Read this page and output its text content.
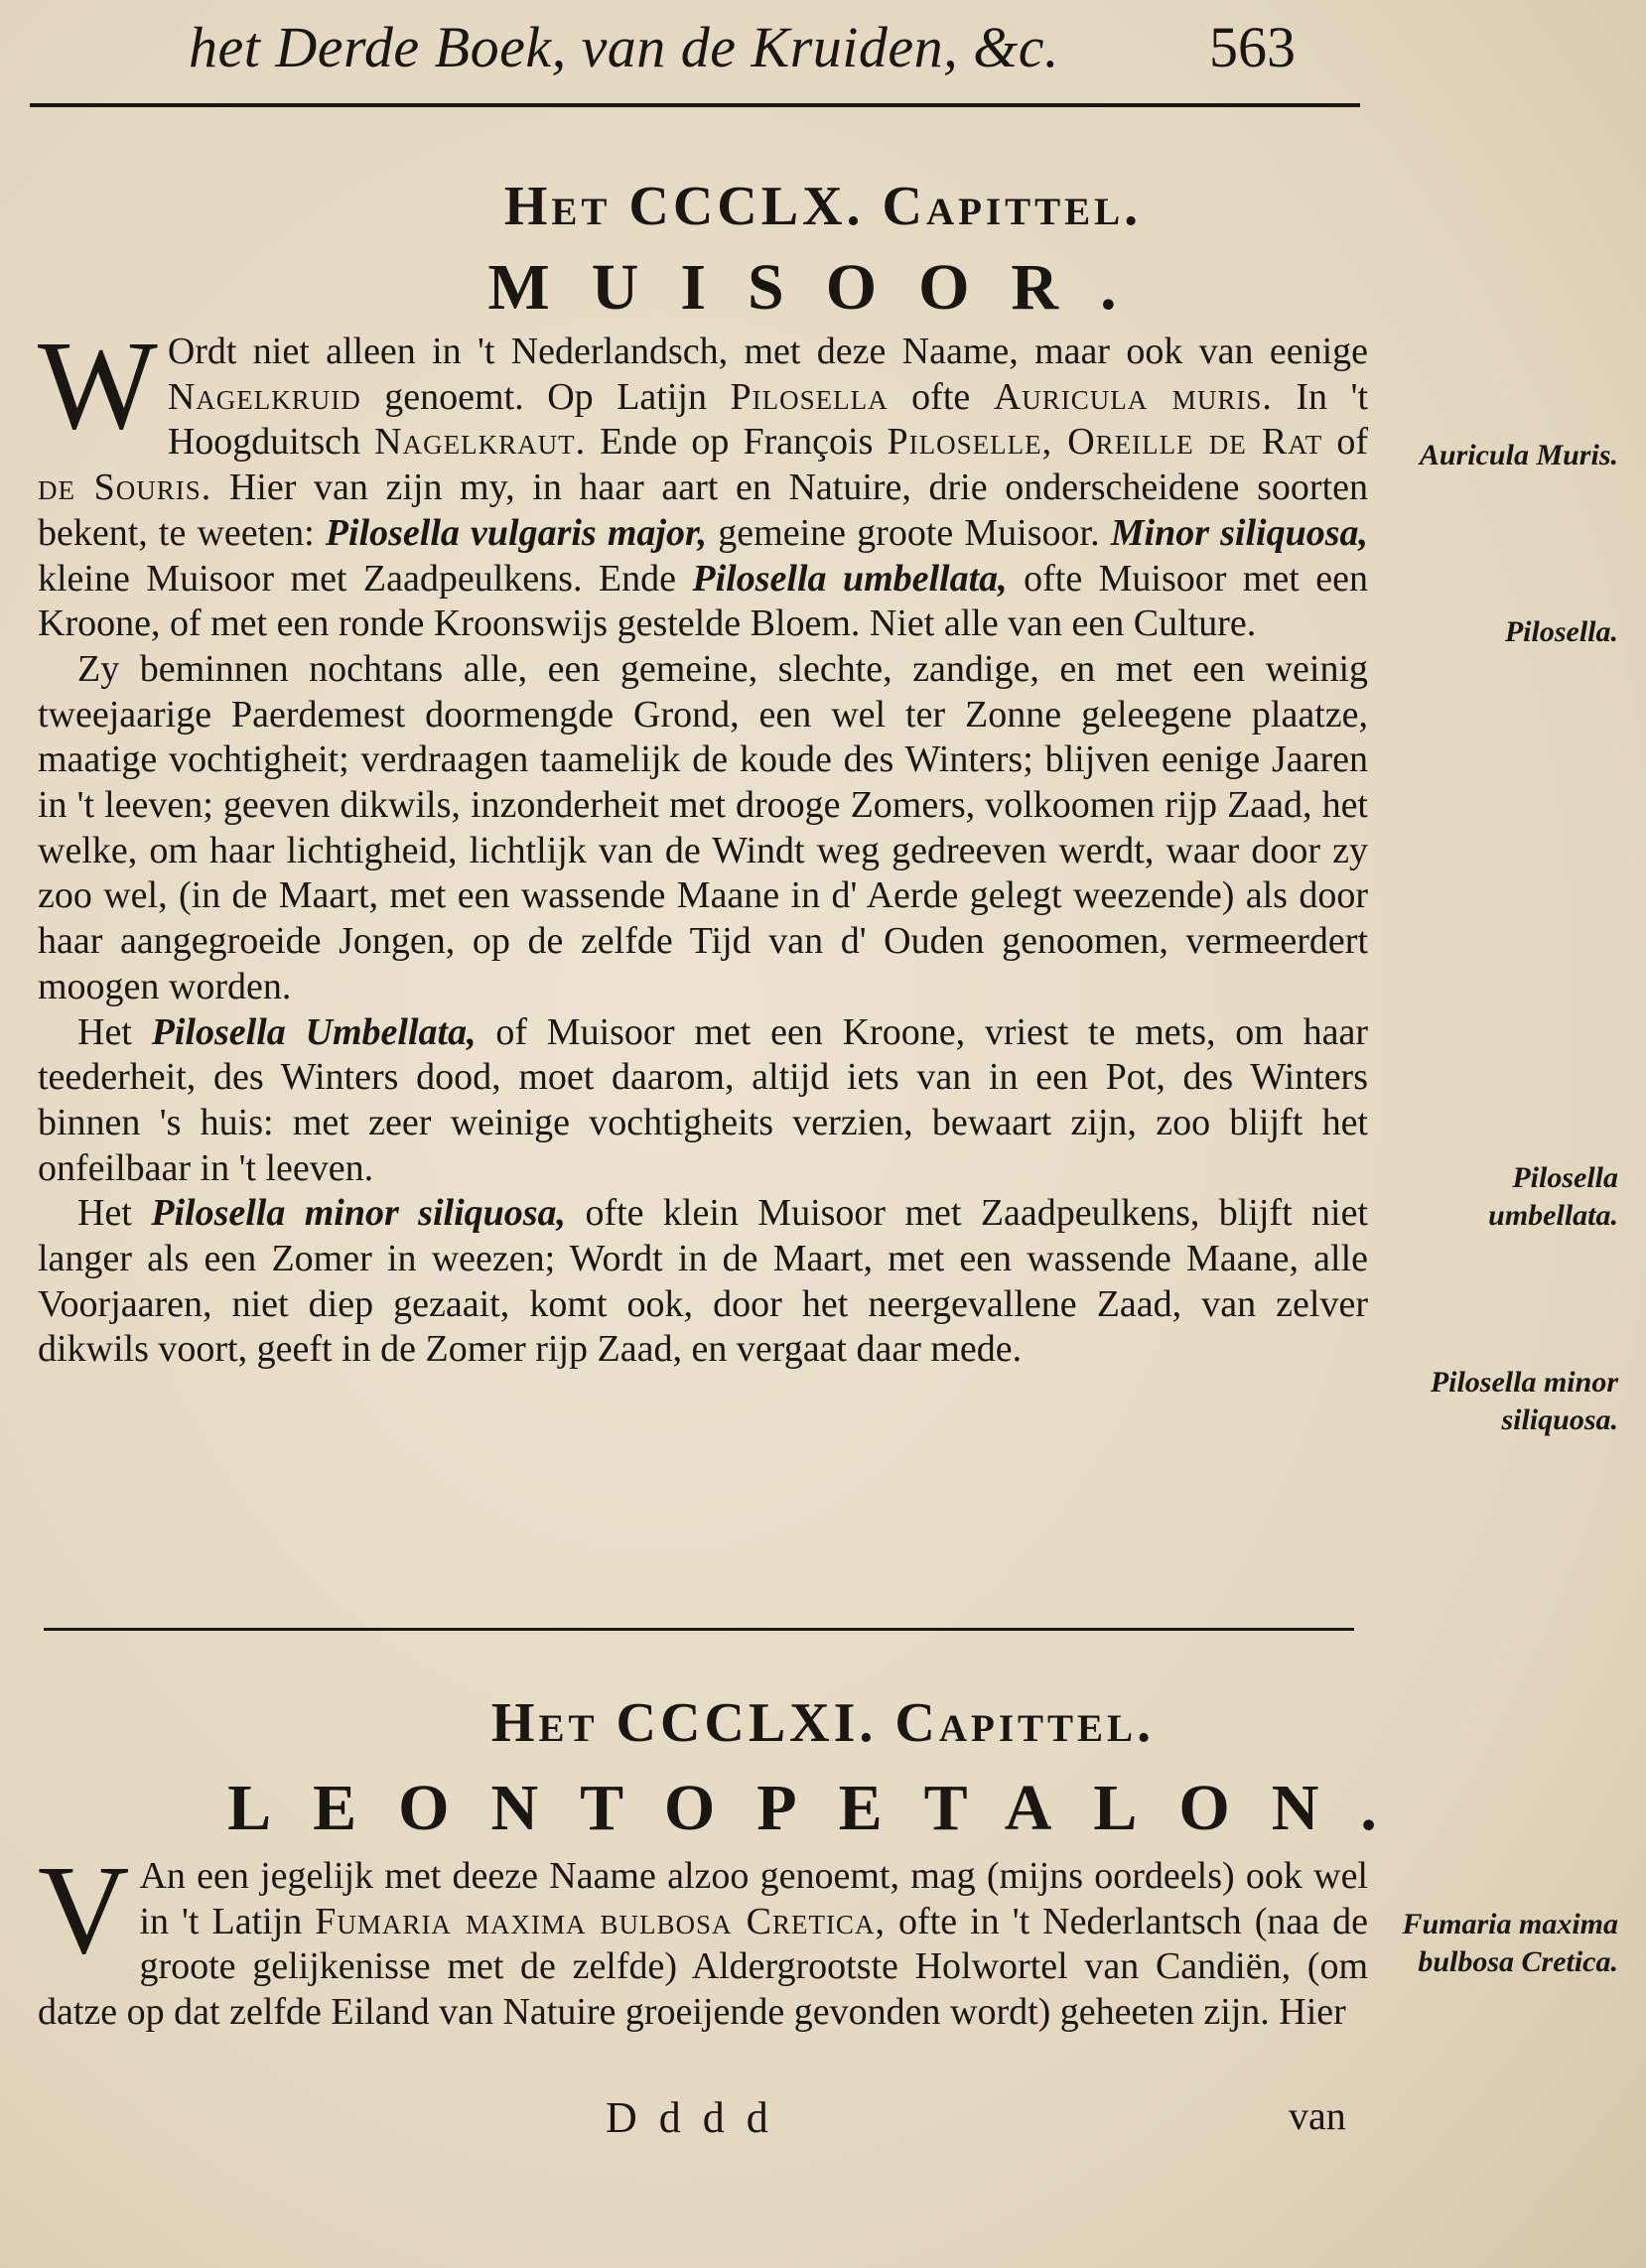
het Derde Boek, van de Kruiden, &c.	563
Het CCCLX. Capittel.
MUISOOR.

W Ordt niet alleen in 't Nederlandsch, met deze Naame, maar ook van eenige Nagelkruid genoemt. Op Latijn Pilosella ofte Auricula muris. In 't Hoogduitsch Nagelkraut. Ende op François Piloselle, Oreille de Rat of de Souris. Hier van zijn my, in haar aart en Natuire, drie onderscheidene soorten bekent, te weeten: Pilosella vulgaris major, gemeine groote Muisoor. Minor siliquosa, kleine Muisoor met Zaadpeulkens. Ende Pilosella umbellata, ofte Muisoor met een Kroone, of met een ronde Kroonswijs gestelde Bloem. Niet alle van een Culture.

Zy beminnen nochtans alle, een gemeine, slechte, zandige, en met een weinig tweejaarige Paerdemest doormengde Grond, een wel ter Zonne geleegene plaatze, maatige vochtigheit; verdraagen taamelijk de koude des Winters; blijven eenige Jaaren in 't leeven; geeven dikwils, inzonderheit met drooge Zomers, volkoomen rijp Zaad, het welke, om haar lichtigheid, lichtlijk van de Windt weg gedreeven werdt, waar door zy zoo wel, (in de Maart, met een wassende Maane in d' Aerde gelegt weezende) als door haar aangegroeide Jongen, op de zelfde Tijd van d' Ouden genoomen, vermeerdert moogen worden.

Het Pilosella Umbellata, of Muisoor met een Kroone, vriest te mets, om haar teederheit, des Winters dood, moet daarom, altijd iets van in een Pot, des Winters binnen 's huis: met zeer weinige vochtigheits verzien, bewaart zijn, zoo blijft het onfeilbaar in 't leeven.

Het Pilosella minor siliquosa, ofte klein Muisoor met Zaadpeulkens, blijft niet langer als een Zomer in weezen; Wordt in de Maart, met een wassende Maane, alle Voorjaaren, niet diep gezaait, komt ook, door het neergevallene Zaad, van zelver dikwils voort, geeft in de Zomer rijp Zaad, en vergaat daar mede.

Auricula Muris.
Pilosella.
Pilosella umbellata.
Pilosella minor siliquosa.
Het CCCLXI. Capittel.
LEONTOPETALON.

V An een jegelijk met deeze Naame alzoo genoemt, mag (mijns oordeels) ook wel in 't Latijn Fumaria maxima bulbosa Cretica, ofte in 't Nederlantsch (naa de groote gelijkenisse met de zelfde) Aldergrootste Holwortel van Candiën, (om datze op dat zelfde Eiland van Natuire groeijende gevonden wordt) geheeten zijn. Hier

Fumaria maxima bulbosa Cretica.
Dddd	van
